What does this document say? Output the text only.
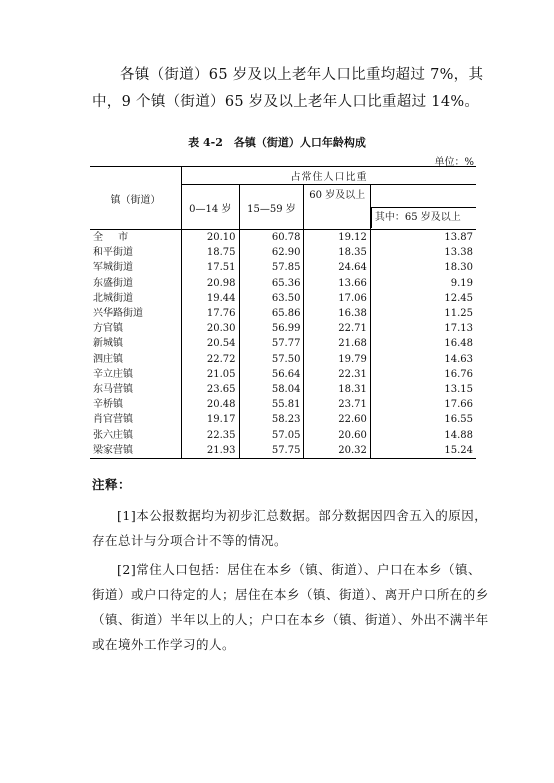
各镇（街道）65 岁及以上老年人口比重均超过 7%，其

中，9 个镇（街道）65 岁及以上老年人口比重超过 14%。

表 4-2　各镇（街道）人口年龄构成
单位：%
镇（街道）	占常住人口比重			
	0—14 岁	15—59 岁	60 岁及以上	其中：65 岁及以上

全 市	20.10	60.78	19.12	13.87
和平街道	18.75	62.90	18.35	13.38
军城街道	17.51	57.85	24.64	18.30
东盛街道	20.98	65.36	13.66	9.19
北城街道	19.44	63.50	17.06	12.45
兴华路街道	17.76	65.86	16.38	11.25
方官镇	20.30	56.99	22.71	17.13
新城镇	20.54	57.77	21.68	16.48
泗庄镇	22.72	57.50	19.79	14.63
辛立庄镇	21.05	56.64	22.31	16.76
东马营镇	23.65	58.04	18.31	13.15
辛桥镇	20.48	55.81	23.71	17.66
肖官营镇	19.17	58.23	22.60	16.55
张六庄镇	22.35	57.05	20.60	14.88
梁家营镇	21.93	57.75	20.32	15.24

注释：

[1]本公报数据均为初步汇总数据。部分数据因四舍五入的原因，存在总计与分项合计不等的情况。

[2]常住人口包括：居住在本乡（镇、街道）、户口在本乡（镇、街道）或户口待定的人；居住在本乡（镇、街道）、离开户口所在的乡（镇、街道）半年以上的人；户口在本乡（镇、街道）、外出不满半年或在境外工作学习的人。
